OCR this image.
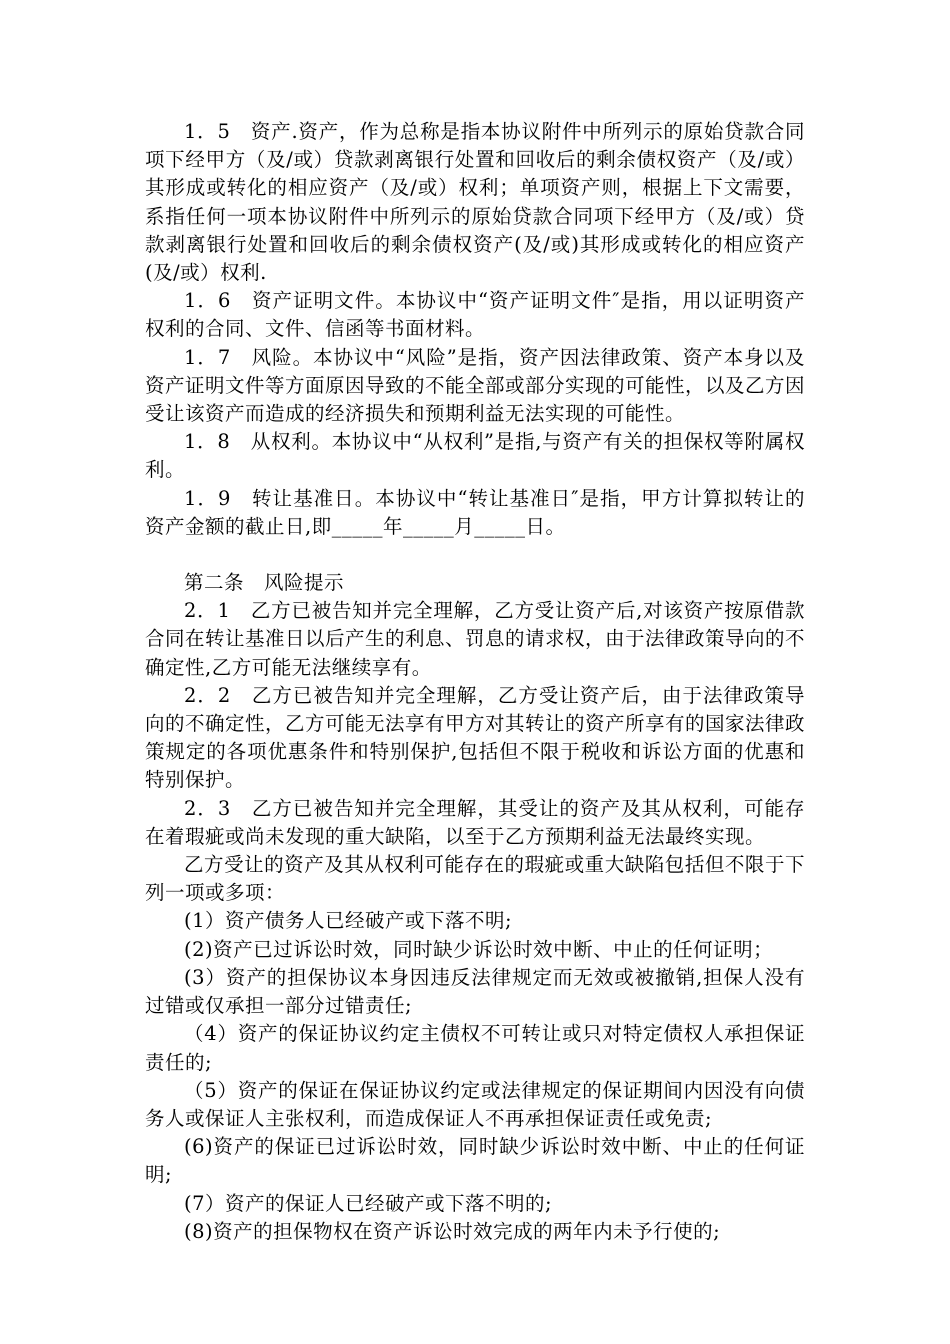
1．5　资产.资产，作为总称是指本协议附件中所列示的原始贷款合同项下经甲方（及/或）贷款剥离银行处置和回收后的剩余债权资产（及/或）其形成或转化的相应资产（及/或）权利；单项资产则，根据上下文需要，系指任何一项本协议附件中所列示的原始贷款合同项下经甲方（及/或）贷款剥离银行处置和回收后的剩余债权资产(及/或)其形成或转化的相应资产(及/或）权利.

1．6　资产证明文件。本协议中“资产证明文件″是指，用以证明资产权利的合同、文件、信函等书面材料。

1．7　风险。本协议中“风险”是指，资产因法律政策、资产本身以及资产证明文件等方面原因导致的不能全部或部分实现的可能性，以及乙方因受让该资产而造成的经济损失和预期利益无法实现的可能性。

1．8　从权利。本协议中“从权利”是指,与资产有关的担保权等附属权利。

1．9　转让基准日。本协议中“转让基准日″是指，甲方计算拟转让的资产金额的截止日,即_____年_____月_____日。

第二条　风险提示

2．1　乙方已被告知并完全理解，乙方受让资产后,对该资产按原借款合同在转让基准日以后产生的利息、罚息的请求权，由于法律政策导向的不确定性,乙方可能无法继续享有。

2．2　乙方已被告知并完全理解，乙方受让资产后，由于法律政策导向的不确定性，乙方可能无法享有甲方对其转让的资产所享有的国家法律政策规定的各项优惠条件和特别保护,包括但不限于税收和诉讼方面的优惠和特别保护。

2．3　乙方已被告知并完全理解，其受让的资产及其从权利，可能存在着瑕疵或尚未发现的重大缺陷，以至于乙方预期利益无法最终实现。

乙方受让的资产及其从权利可能存在的瑕疵或重大缺陷包括但不限于下列一项或多项：

(1）资产债务人已经破产或下落不明;

(2)资产已过诉讼时效，同时缺少诉讼时效中断、中止的任何证明；

(3）资产的担保协议本身因违反法律规定而无效或被撤销,担保人没有过错或仅承担一部分过错责任;

（4）资产的保证协议约定主债权不可转让或只对特定债权人承担保证责任的;

（5）资产的保证在保证协议约定或法律规定的保证期间内因没有向债务人或保证人主张权利，而造成保证人不再承担保证责任或免责;

(6)资产的保证已过诉讼时效，同时缺少诉讼时效中断、中止的任何证明;

(7）资产的保证人已经破产或下落不明的;

(8)资产的担保物权在资产诉讼时效完成的两年内未予行使的;
